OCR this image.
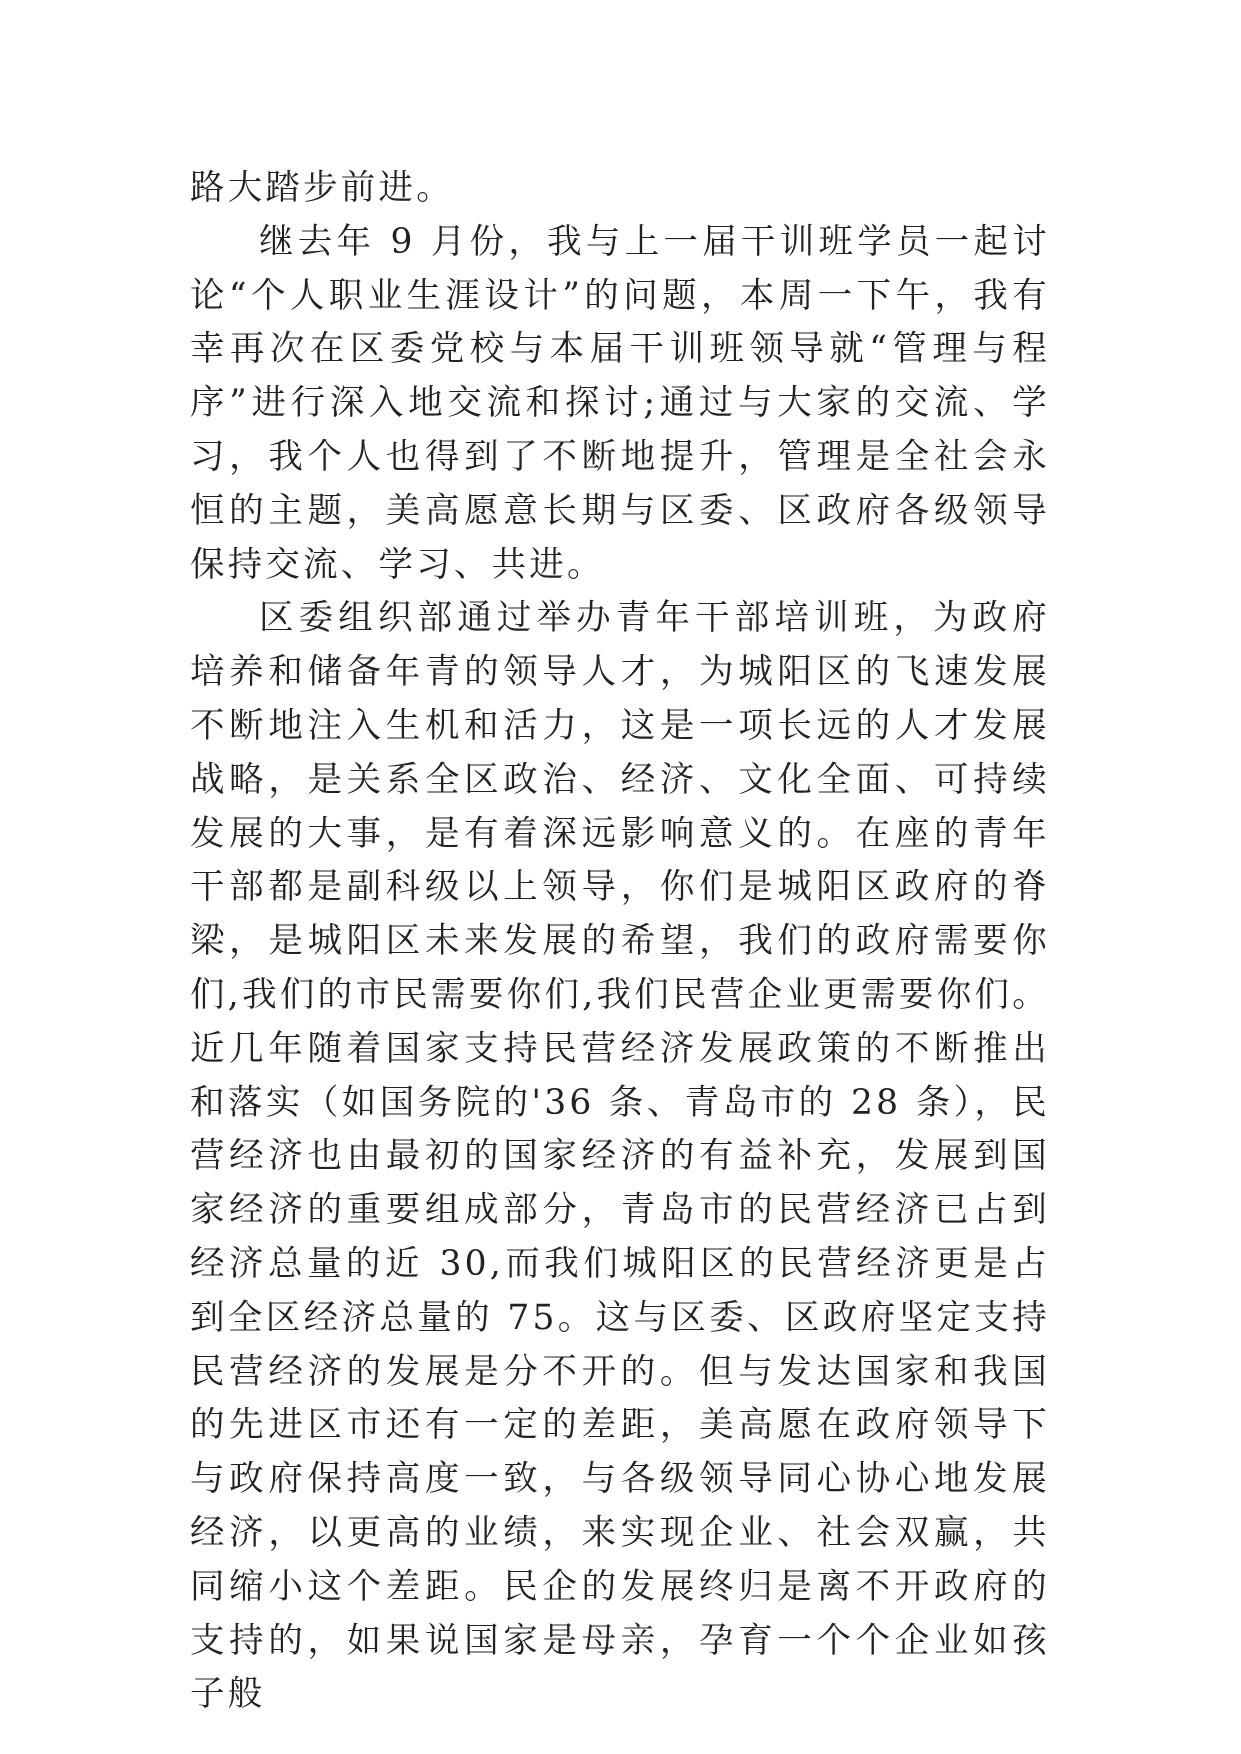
路大踏步前进。

继去年 9 月份，我与上一届干训班学员一起讨论“个人职业生涯设计”的问题，本周一下午，我有幸再次在区委党校与本届干训班领导就“管理与程序”进行深入地交流和探讨;通过与大家的交流、学习，我个人也得到了不断地提升，管理是全社会永恒的主题，美高愿意长期与区委、区政府各级领导保持交流、学习、共进。

区委组织部通过举办青年干部培训班，为政府培养和储备年青的领导人才，为城阳区的飞速发展不断地注入生机和活力，这是一项长远的人才发展战略，是关系全区政治、经济、文化全面、可持续发展的大事，是有着深远影响意义的。在座的青年干部都是副科级以上领导，你们是城阳区政府的脊梁，是城阳区未来发展的希望，我们的政府需要你们,我们的市民需要你们,我们民营企业更需要你们。近几年随着国家支持民营经济发展政策的不断推出和落实（如国务院的'36 条、青岛市的 28 条），民营经济也由最初的国家经济的有益补充，发展到国家经济的重要组成部分，青岛市的民营经济已占到经济总量的近 30,而我们城阳区的民营经济更是占到全区经济总量的 75。这与区委、区政府坚定支持民营经济的发展是分不开的。但与发达国家和我国的先进区市还有一定的差距，美高愿在政府领导下与政府保持高度一致，与各级领导同心协心地发展经济，以更高的业绩，来实现企业、社会双赢，共同缩小这个差距。民企的发展终归是离不开政府的支持的，如果说国家是母亲，孕育一个个企业如孩子般
